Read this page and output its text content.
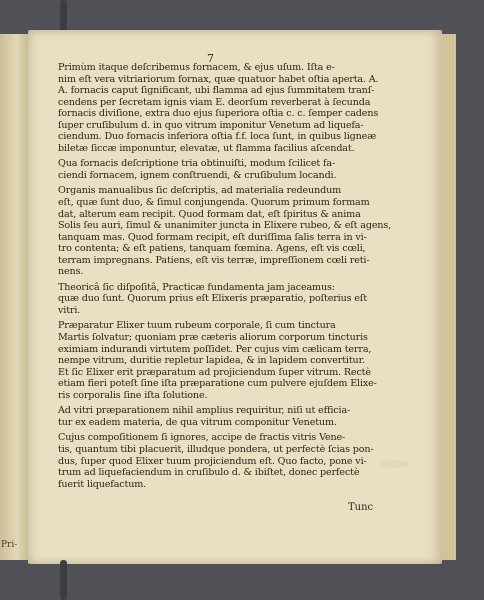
Pri-
7
Primùm itaque deſcribemus fornacem, & ejus uſum. Iſta e-
nim eſt vera vitriariorum fornax, quæ quatuor habet oſtia aperta. A.
A. fornacis caput ſignificant, ubi flamma ad ejus ſummitatem tranſ-
cendens per ſecretam ignis viam E. deorſum reverberat à ſecunda
fornacis diviſione, extra duo ejus ſuperiora oſtia c. c. ſemper cadens
ſuper cruſibulum d. in quo vitrum imponitur Venetum ad liquefa-
ciendum. Duo fornacis inferiora oſtia f.f. loca ſunt, in quibus ligneæ
biletæ ſiccæ imponuntur, elevatæ, ut flamma facilius aſcendat.
Qua fornacis deſcriptione tria obtinuiſti, modum ſcilicet fa-
ciendi fornacem, ignem conſtruendi, & cruſibulum locandi.
Organis manualibus ſic deſcriptis, ad materialia redeundum
eſt, quæ ſunt duo, & ſimul conjungenda. Quorum primum formam
dat, alterum eam recipit. Quod formam dat, eſt ſpiritus & anima
Solis ſeu auri, ſimul & unanimiter juncta in Elixere rubeo, & eſt agens,
tanquam mas. Quod formam recipit, eſt duriſſima ſalis terra in vi-
tro contenta; & eſt patiens, tanquam fœmina. Agens, eſt vis cœli,
terram impregnans. Patiens, eſt vis terræ, impreſſionem cœli reti-
nens.
Theoricâ ſic diſpoſitâ, Practicæ fundamenta jam jaceamus:
quæ duo ſunt. Quorum prius eſt Elixeris præparatio, poſterius eſt
vitri.
Præparatur Elixer tuum rubeum corporale, ſi cum tinctura
Martis ſolvatur; quoniam præ cæteris aliorum corporum tincturis
eximiam indurandi virtutem poſſidet. Per cujus vim cælicam terra,
nempe vitrum, duritie repletur lapidea, & in lapidem convertitur.
Et ſic Elixer erit præparatum ad projiciendum ſuper vitrum. Rectè
etiam fieri poteſt ſine iſta præparatione cum pulvere ejuſdem Elixe-
ris corporalis ſine iſta ſolutione.
Ad vitri præparationem nihil amplius requiritur, niſi ut efficia-
tur ex eadem materia, de qua vitrum componitur Venetum.
Cujus compoſitionem ſi ignores, accipe de fractis vitris Vene-
tis, quantum tibi placuerit, illudque pondera, ut perfectè ſcias pon-
dus, ſuper quod Elixer tuum projiciendum eſt. Quo facto, pone vi-
trum ad liquefaciendum in cruſibulo d. & ibiſtet, donec perfectè
fuerit liquefactum.
Tunc
